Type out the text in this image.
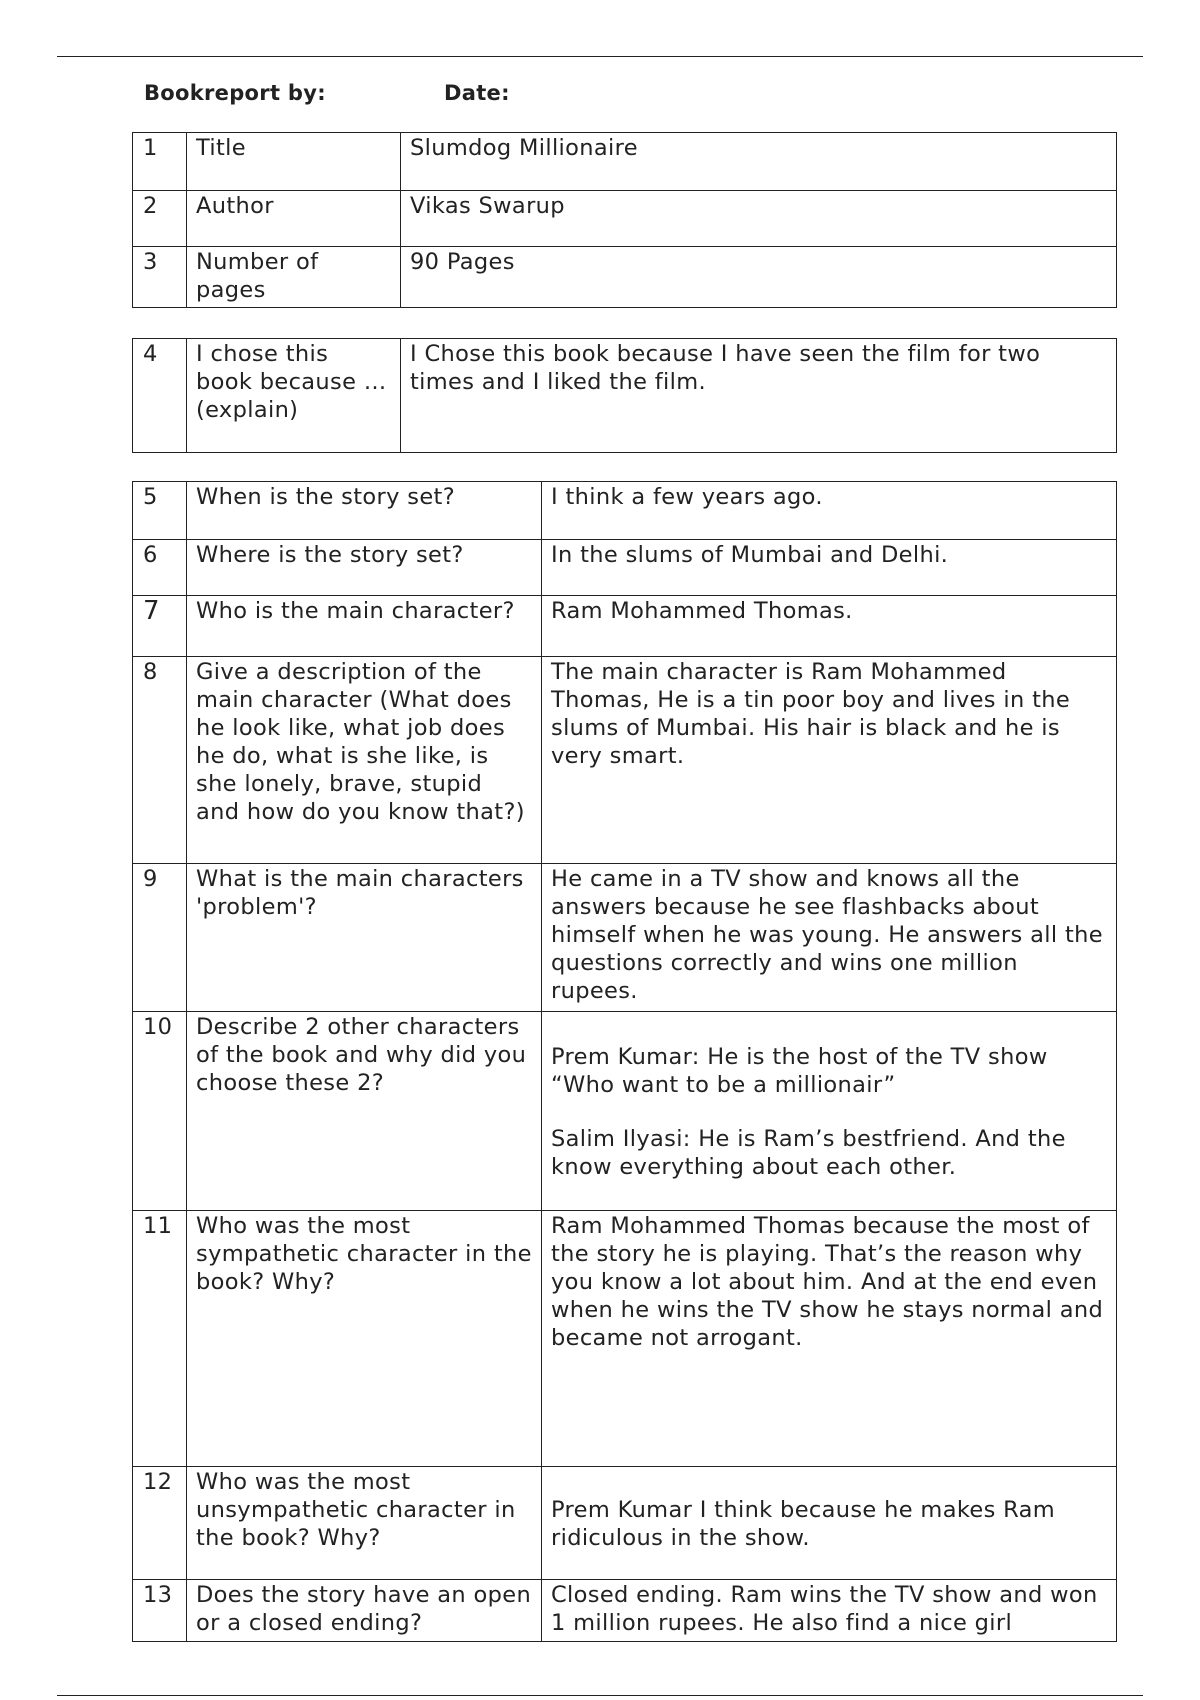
Bookreport by:	Date:
1	Title	Slumdog Millionaire
2	Author	Vikas Swarup
3	Number of pages	90 Pages
4	I chose this book because … (explain)	I Chose this book because I have seen the film for two times and I liked the film.
5	When is the story set?	I think a few years ago.
6	Where is the story set?	In the slums of Mumbai and Delhi.
7	Who is the main character?	Ram Mohammed Thomas.
8	Give a description of the main character (What does he look like, what job does he do, what is she like, is she lonely, brave, stupid and how do you know that?)	The main character is Ram Mohammed Thomas, He is a tin poor boy and lives in the slums of Mumbai. His hair is black and he is very smart.
9	What is the main characters 'problem'?	He came in a TV show and knows all the answers because he see flashbacks about himself when he was young. He answers all the questions correctly and wins one million rupees.
10	Describe 2 other characters of the book and why did you choose these 2?	Prem Kumar: He is the host of the TV show “Who want to be a millionair”
Salim Ilyasi: He is Ram’s bestfriend. And the know everything about each other.
11	Who was the most sympathetic character in the book? Why?	Ram Mohammed Thomas because the most of the story he is playing. That’s the reason why you know a lot about him. And at the end even when he wins the TV show he stays normal and became not arrogant.
12	Who was the most unsympathetic character in the book? Why?	Prem Kumar I think because he makes Ram ridiculous in the show.
13	Does the story have an open or a closed ending?	Closed ending. Ram wins the TV show and won 1 million rupees. He also find a nice girl
